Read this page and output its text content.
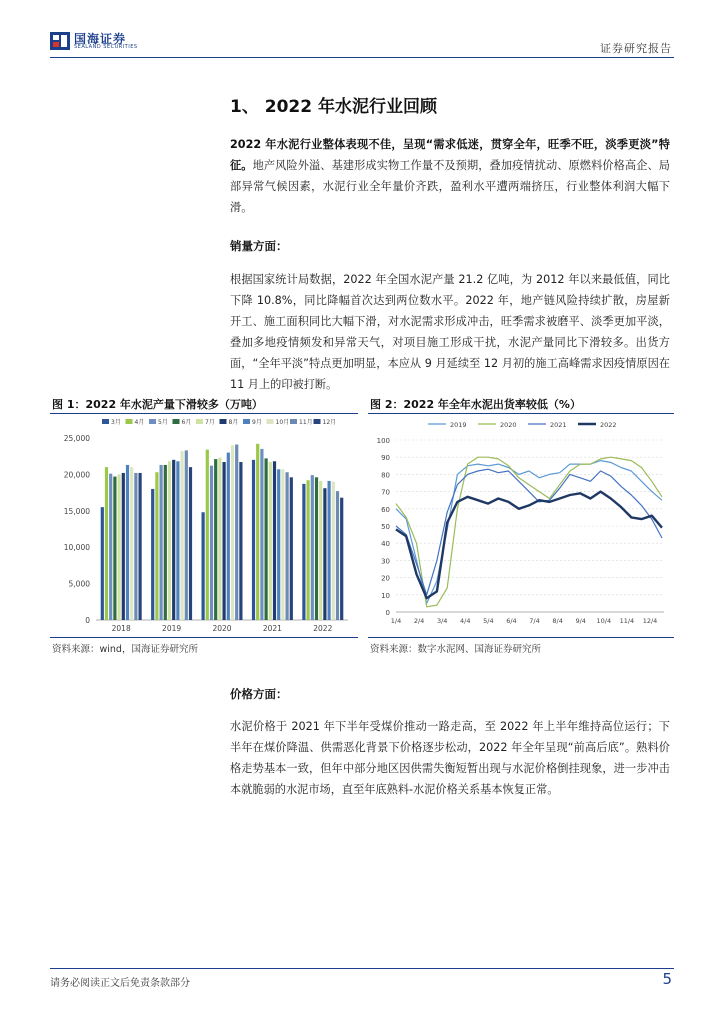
国海证券
SEALAND SECURITIES	证券研究报告
1、 2022 年水泥行业回顾
2022 年水泥行业整体表现不佳，呈现“需求低迷，贯穿全年，旺季不旺，淡季更淡”特征。地产风险外溢、基建形成实物工作量不及预期，叠加疫情扰动、原燃料价格高企、局部异常气候因素，水泥行业全年量价齐跌，盈利水平遭两端挤压，行业整体利润大幅下滑。
销量方面：
根据国家统计局数据，2022 年全国水泥产量 21.2 亿吨，为 2012 年以来最低值，同比下降 10.8%，同比降幅首次达到两位数水平。2022 年，地产链风险持续扩散，房屋新开工、施工面积同比大幅下滑，对水泥需求形成冲击，旺季需求被磨平、淡季更加平淡，叠加多地疫情频发和异常天气，对项目施工形成干扰，水泥产量同比下滑较多。出货方面，“全年平淡”特点更加明显，本应从 9 月延续至 12 月初的施工高峰需求因疫情原因在 11 月上的印被打断。
图 1：2022 年水泥产量下滑较多（万吨）
0
5,000
10,000
15,000
20,000
25,000
3月 4月 5月 6月 7月 8月 9月 10月 11月 12月
2018	2019	2020	2021	2022
资料来源：wind，国海证券研究所
图 2：2022 年全年水泥出货率较低（%）
0
10
20
30
40
50
60
70
80
90
100
1/4 2/4 3/4 4/4 5/4 6/4 7/4 8/4 9/4 10/4 11/4 12/4
2019	2020	2021	2022
资料来源：数字水泥网、国海证券研究所
价格方面：
水泥价格于 2021 年下半年受煤价推动一路走高，至 2022 年上半年维持高位运行；下半年在煤价降温、供需恶化背景下价格逐步松动，2022 年全年呈现“前高后底”。熟料价格走势基本一致，但年中部分地区因供需失衡短暂出现与水泥价格倒挂现象，进一步冲击本就脆弱的水泥市场，直至年底熟料-水泥价格关系基本恢复正常。
请务必阅读正文后免责条款部分	5
